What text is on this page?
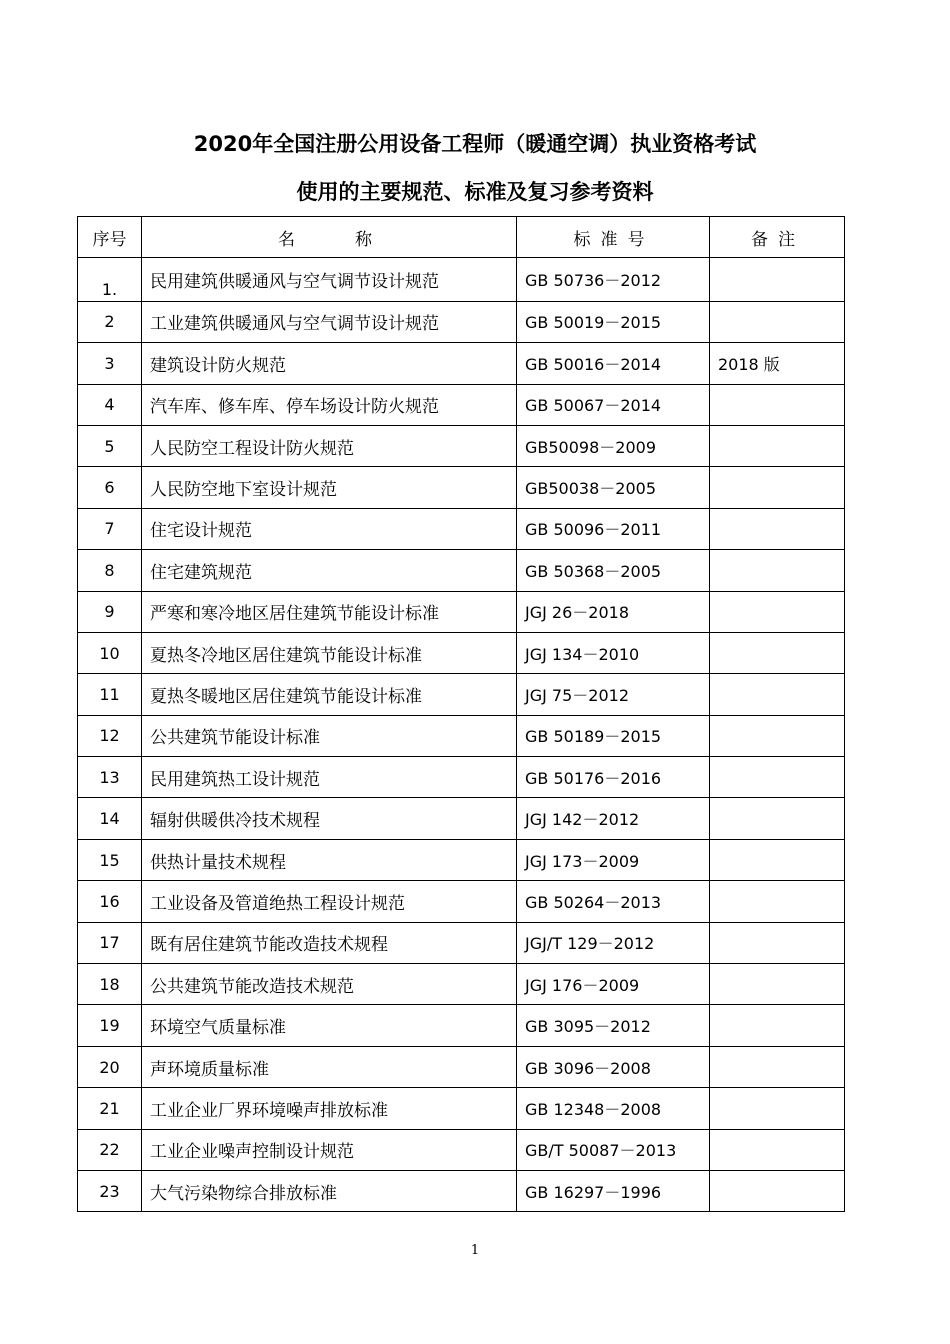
2020年全国注册公用设备工程师（暖通空调）执业资格考试
使用的主要规范、标准及复习参考资料
序号	名称	标准号	备注
1.	民用建筑供暖通风与空气调节设计规范	GB 50736－2012	
2	工业建筑供暖通风与空气调节设计规范	GB 50019－2015	
3	建筑设计防火规范	GB 50016－2014	2018 版
4	汽车库、修车库、停车场设计防火规范	GB 50067－2014	
5	人民防空工程设计防火规范	GB50098－2009	
6	人民防空地下室设计规范	GB50038－2005	
7	住宅设计规范	GB 50096－2011	
8	住宅建筑规范	GB 50368－2005	
9	严寒和寒冷地区居住建筑节能设计标准	JGJ 26－2018	
10	夏热冬冷地区居住建筑节能设计标准	JGJ 134－2010	
11	夏热冬暖地区居住建筑节能设计标准	JGJ 75－2012	
12	公共建筑节能设计标准	GB 50189－2015	
13	民用建筑热工设计规范	GB 50176－2016	
14	辐射供暖供冷技术规程	JGJ 142－2012	
15	供热计量技术规程	JGJ 173－2009	
16	工业设备及管道绝热工程设计规范	GB 50264－2013	
17	既有居住建筑节能改造技术规程	JGJ/T 129－2012	
18	公共建筑节能改造技术规范	JGJ 176－2009	
19	环境空气质量标准	GB 3095－2012	
20	声环境质量标准	GB 3096－2008	
21	工业企业厂界环境噪声排放标准	GB 12348－2008	
22	工业企业噪声控制设计规范	GB/T 50087－2013	
23	大气污染物综合排放标准	GB 16297－1996	
1
